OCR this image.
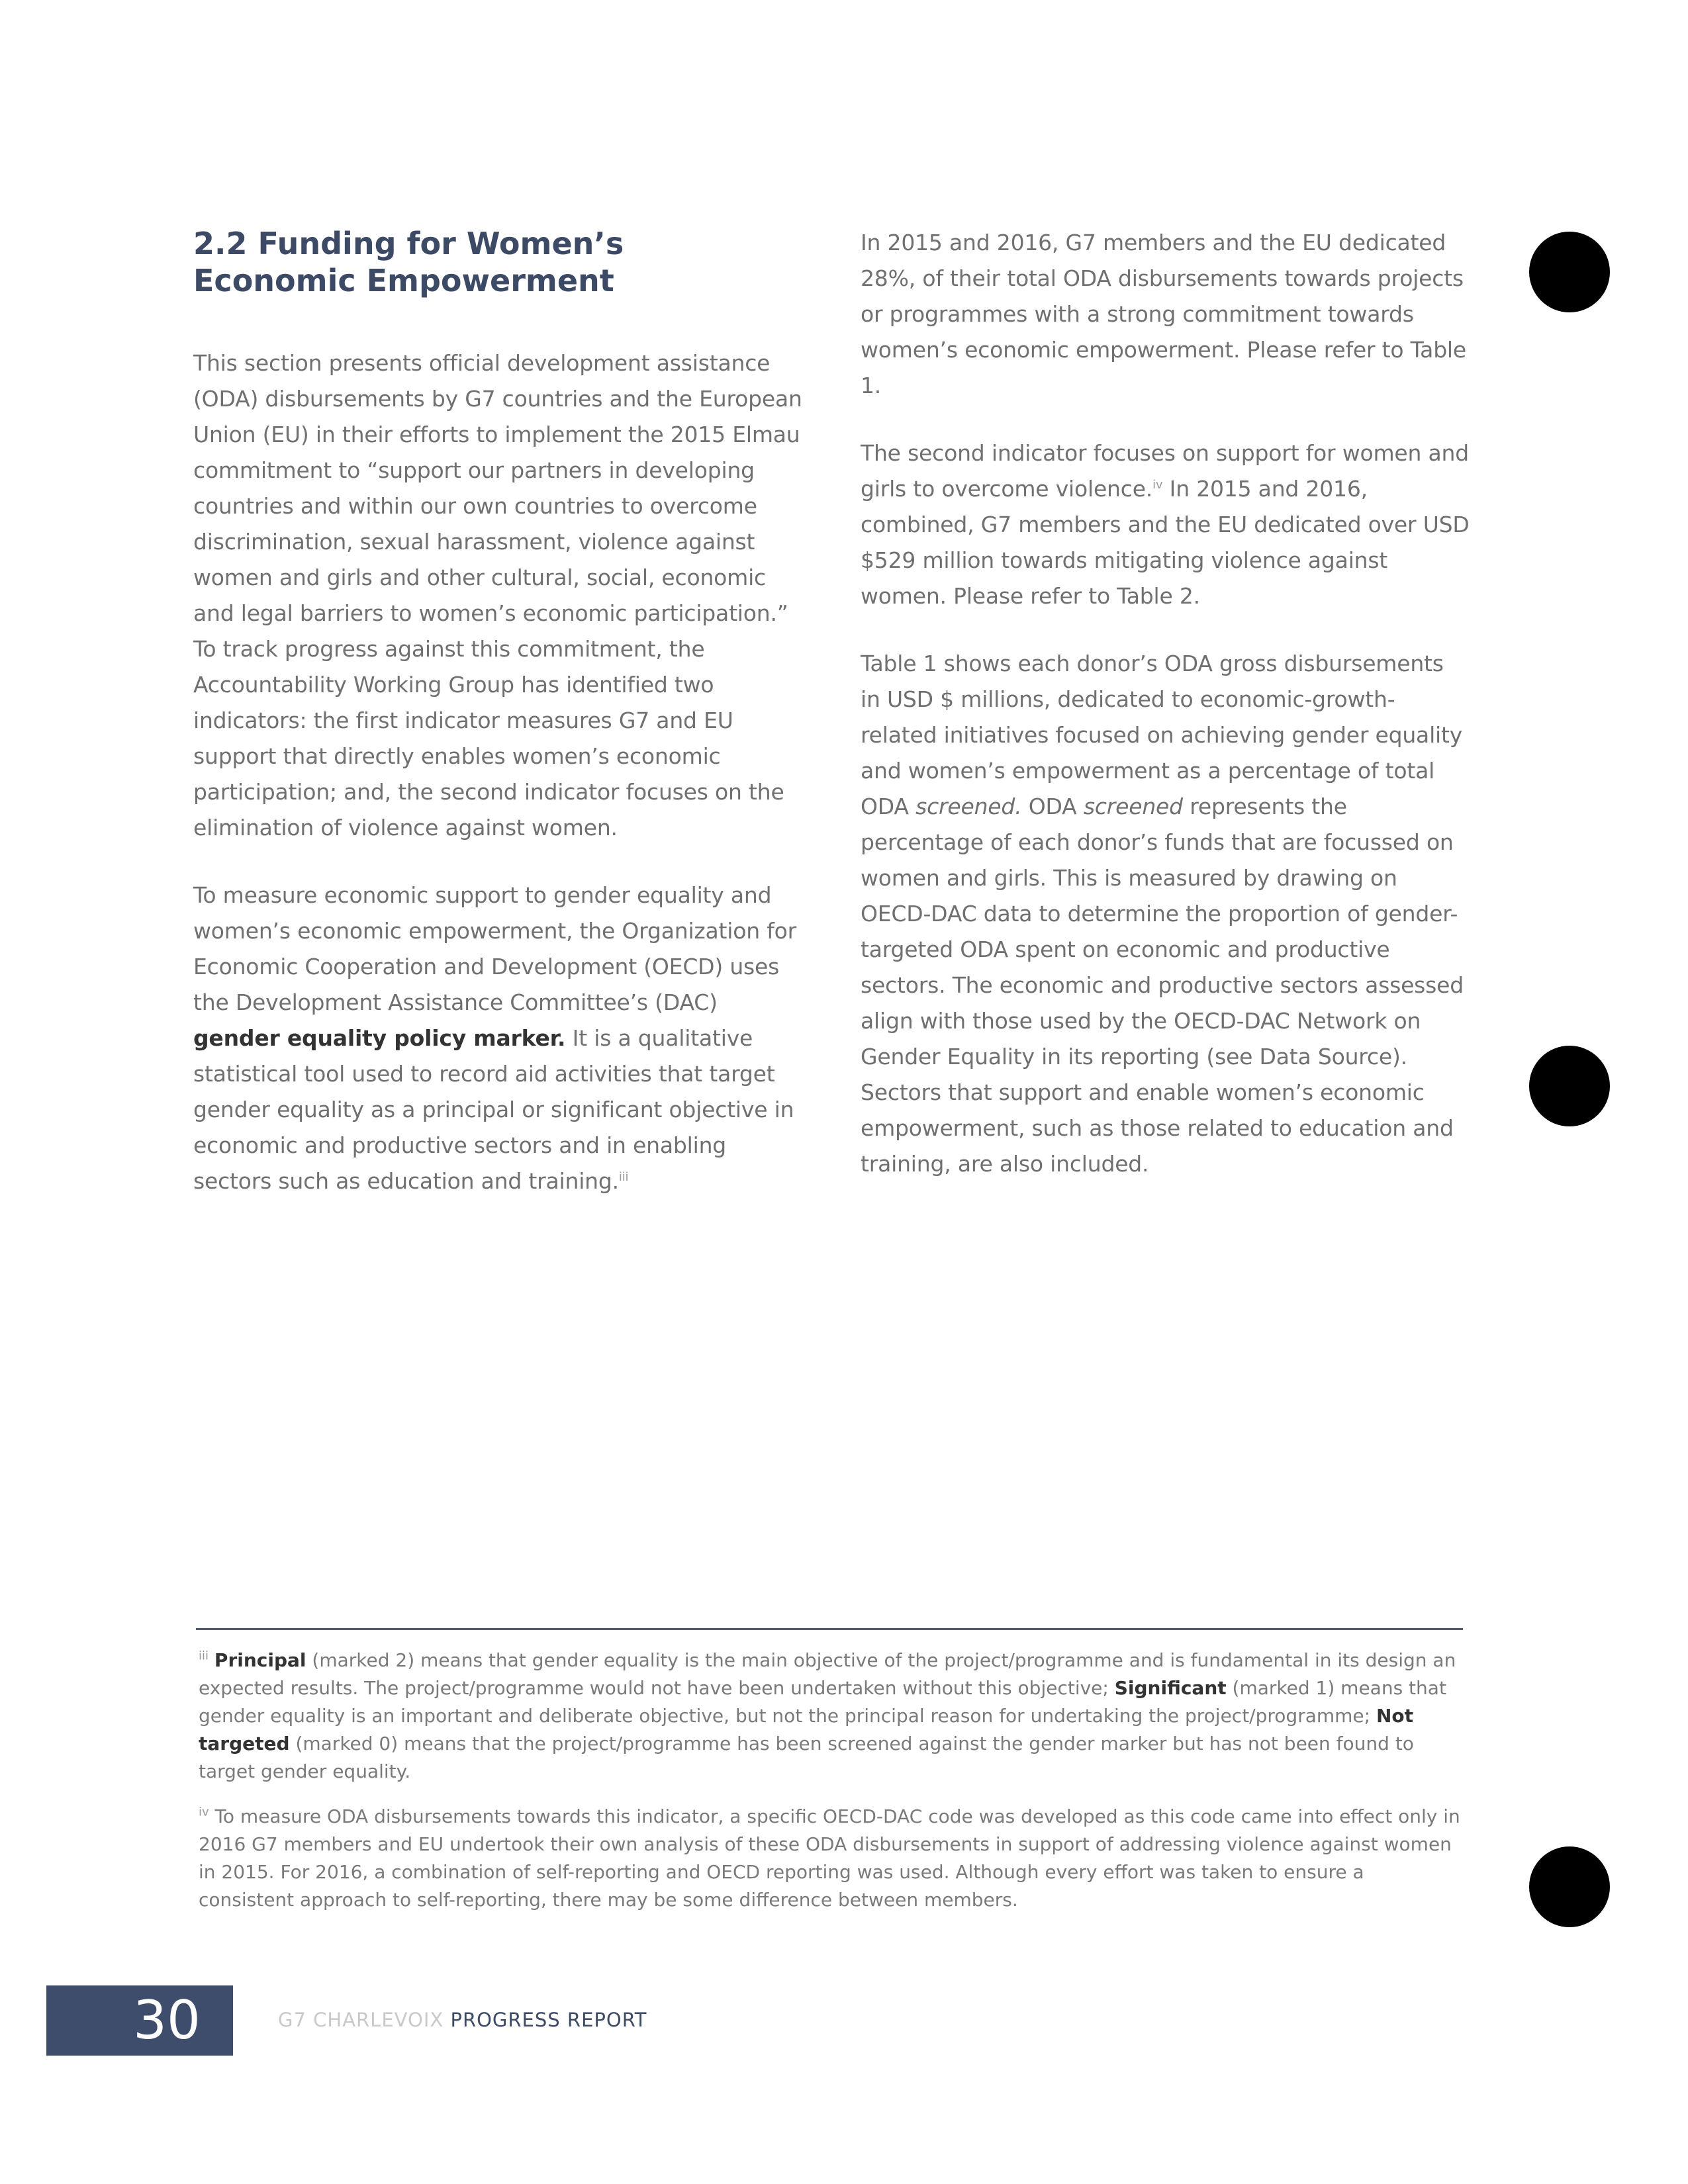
2.2 Funding for Women’s
Economic Empowerment

This section presents official development assistance (ODA) disbursements by G7 countries and the European Union (EU) in their efforts to implement the 2015 Elmau commitment to “support our partners in developing countries and within our own countries to overcome discrimination, sexual harassment, violence against women and girls and other cultural, social, economic and legal barriers to women’s economic participation.” To track progress against this commitment, the Accountability Working Group has identified two indicators: the first indicator measures G7 and EU support that directly enables women’s economic participation; and, the second indicator focuses on the elimination of violence against women.

To measure economic support to gender equality and women’s economic empowerment, the Organization for Economic Cooperation and Development (OECD) uses the Development Assistance Committee’s (DAC) gender equality policy marker. It is a qualitative statistical tool used to record aid activities that target gender equality as a principal or significant objective in economic and productive sectors and in enabling sectors such as education and training.$^{iii}$

In 2015 and 2016, G7 members and the EU dedicated 28%, of their total ODA disbursements towards projects or programmes with a strong commitment towards women’s economic empowerment. Please refer to Table 1.

The second indicator focuses on support for women and girls to overcome violence.$^{iv}$ In 2015 and 2016, combined, G7 members and the EU dedicated over USD $529 million towards mitigating violence against women. Please refer to Table 2.

Table 1 shows each donor’s ODA gross disbursements in USD $ millions, dedicated to economic-growth-related initiatives focused on achieving gender equality and women’s empowerment as a percentage of total ODA screened. ODA screened represents the percentage of each donor’s funds that are focussed on women and girls. This is measured by drawing on OECD-DAC data to determine the proportion of gender-targeted ODA spent on economic and productive sectors. The economic and productive sectors assessed align with those used by the OECD-DAC Network on Gender Equality in its reporting (see Data Source). Sectors that support and enable women’s economic empowerment, such as those related to education and training, are also included.

$^{iii}$ Principal (marked 2) means that gender equality is the main objective of the project/programme and is fundamental in its design an expected results. The project/programme would not have been undertaken without this objective; Significant (marked 1) means that gender equality is an important and deliberate objective, but not the principal reason for undertaking the project/programme; Not targeted (marked 0) means that the project/programme has been screened against the gender marker but has not been found to target gender equality.

$^{iv}$ To measure ODA disbursements towards this indicator, a specific OECD-DAC code was developed as this code came into effect only in 2016 G7 members and EU undertook their own analysis of these ODA disbursements in support of addressing violence against women in 2015. For 2016, a combination of self-reporting and OECD reporting was used. Although every effort was taken to ensure a consistent approach to self-reporting, there may be some difference between members.

30	G7 CHARLEVOIX PROGRESS REPORT
